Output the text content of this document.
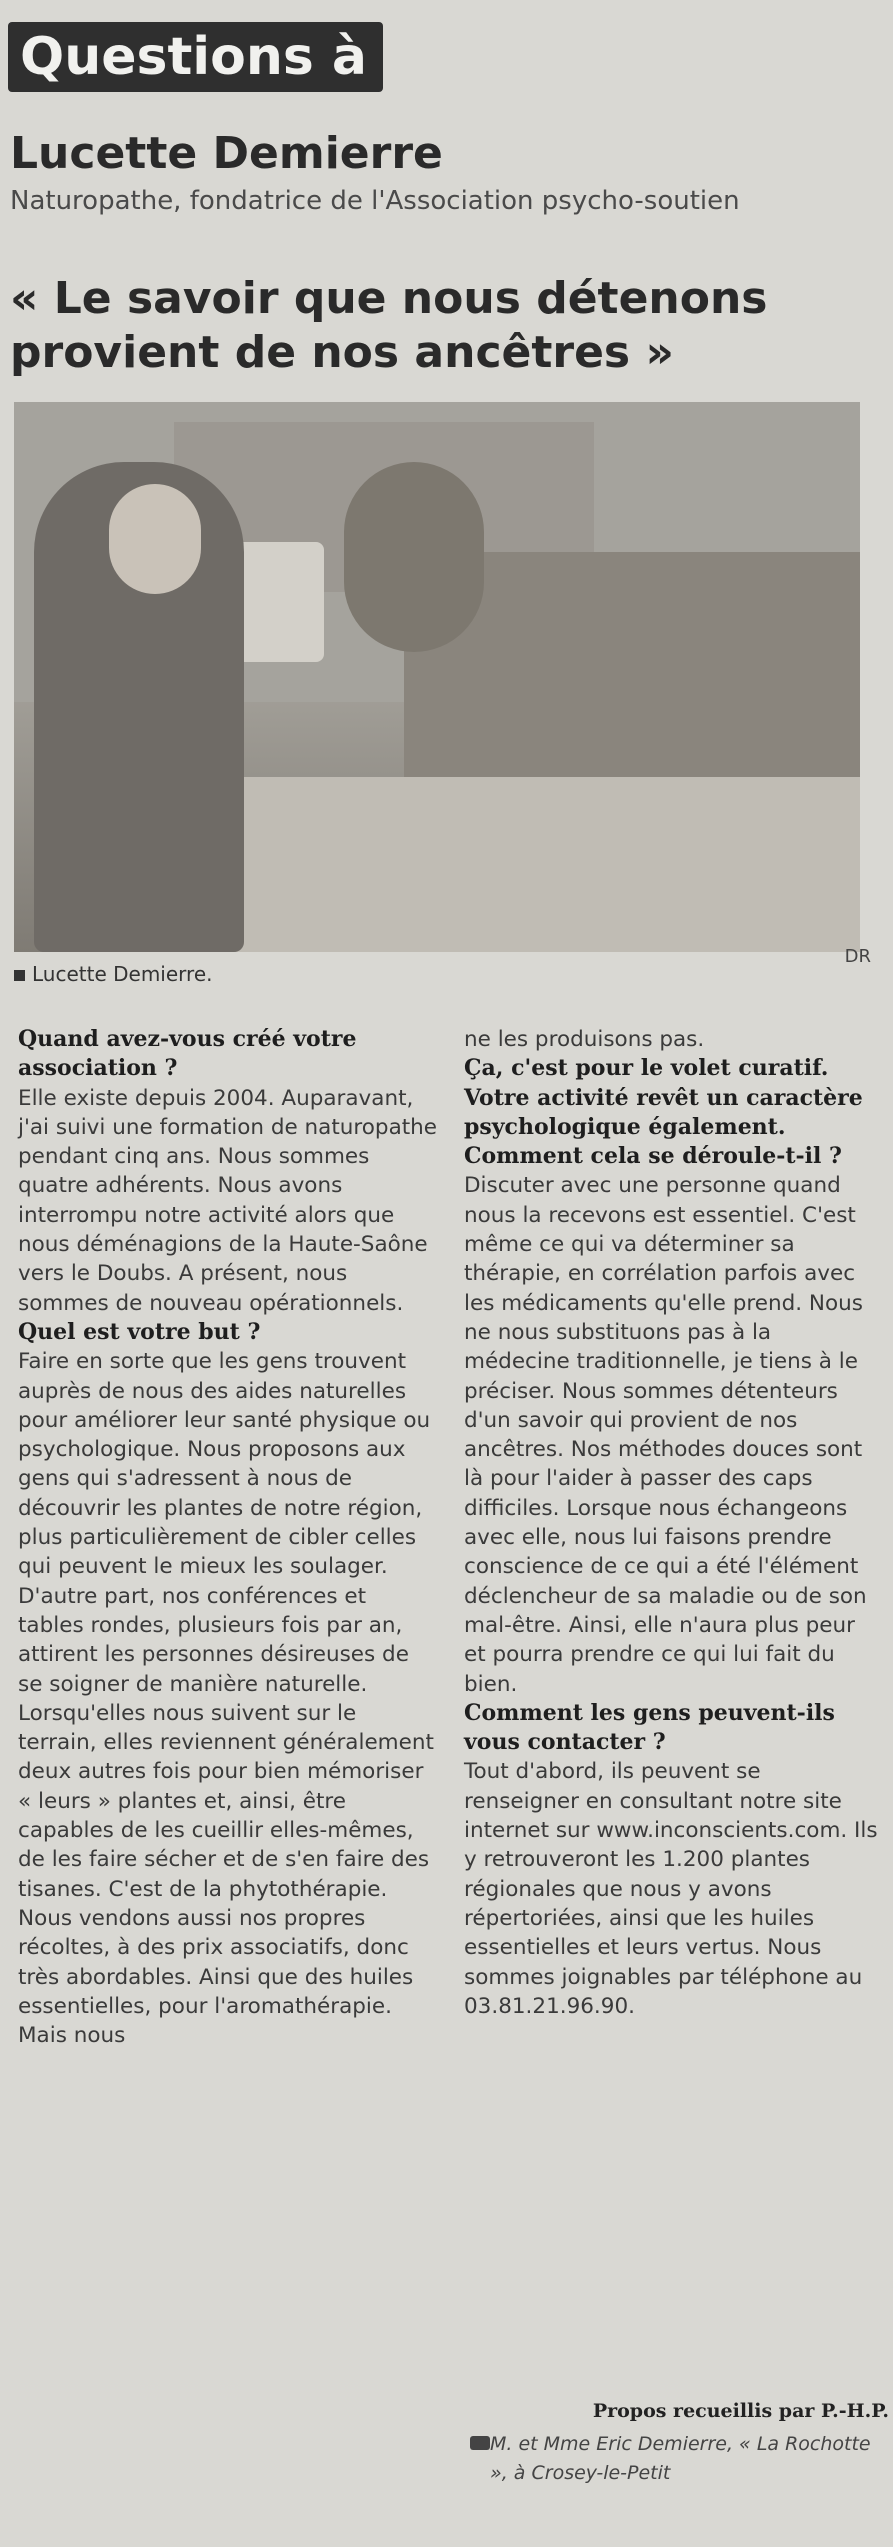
Questions à
Lucette Demierre
Naturopathe, fondatrice de l'Association psycho-soutien
« Le savoir que nous détenons provient de nos ancêtres »
Lucette Demierre.
DR

Quand avez-vous créé votre association ?

Elle existe depuis 2004. Auparavant, j'ai suivi une formation de naturopathe pendant cinq ans. Nous sommes quatre adhérents. Nous avons interrompu notre activité alors que nous déménagions de la Haute-Saône vers le Doubs. A présent, nous sommes de nouveau opérationnels.

Quel est votre but ?

Faire en sorte que les gens trouvent auprès de nous des aides naturelles pour améliorer leur santé physique ou psychologique. Nous proposons aux gens qui s'adressent à nous de découvrir les plantes de notre région, plus particulièrement de cibler celles qui peuvent le mieux les soulager.

D'autre part, nos conférences et tables rondes, plusieurs fois par an, attirent les personnes désireuses de se soigner de manière naturelle. Lorsqu'elles nous suivent sur le terrain, elles reviennent généralement deux autres fois pour bien mémoriser « leurs » plantes et, ainsi, être capables de les cueillir elles-mêmes, de les faire sécher et de s'en faire des tisanes. C'est de la phytothérapie. Nous vendons aussi nos propres récoltes, à des prix associatifs, donc très abordables. Ainsi que des huiles essentielles, pour l'aromathérapie. Mais nous

ne les produisons pas.

Ça, c'est pour le volet curatif. Votre activité revêt un caractère psychologique également. Comment cela se déroule-t-il ?

Discuter avec une personne quand nous la recevons est essentiel. C'est même ce qui va déterminer sa thérapie, en corrélation parfois avec les médicaments qu'elle prend. Nous ne nous substituons pas à la médecine traditionnelle, je tiens à le préciser. Nous sommes détenteurs d'un savoir qui provient de nos ancêtres. Nos méthodes douces sont là pour l'aider à passer des caps difficiles. Lorsque nous échangeons avec elle, nous lui faisons prendre conscience de ce qui a été l'élément déclencheur de sa maladie ou de son mal-être. Ainsi, elle n'aura plus peur et pourra prendre ce qui lui fait du bien.

Comment les gens peuvent-ils vous contacter ?

Tout d'abord, ils peuvent se renseigner en consultant notre site internet sur www.inconscients.com. Ils y retrouveront les 1.200 plantes régionales que nous y avons répertoriées, ainsi que les huiles essentielles et leurs vertus. Nous sommes joignables par téléphone au 03.81.21.96.90.

Propos recueillis par P.-H.P.
M. et Mme Eric Demierre, « La Rochotte », à Crosey-le-Petit
